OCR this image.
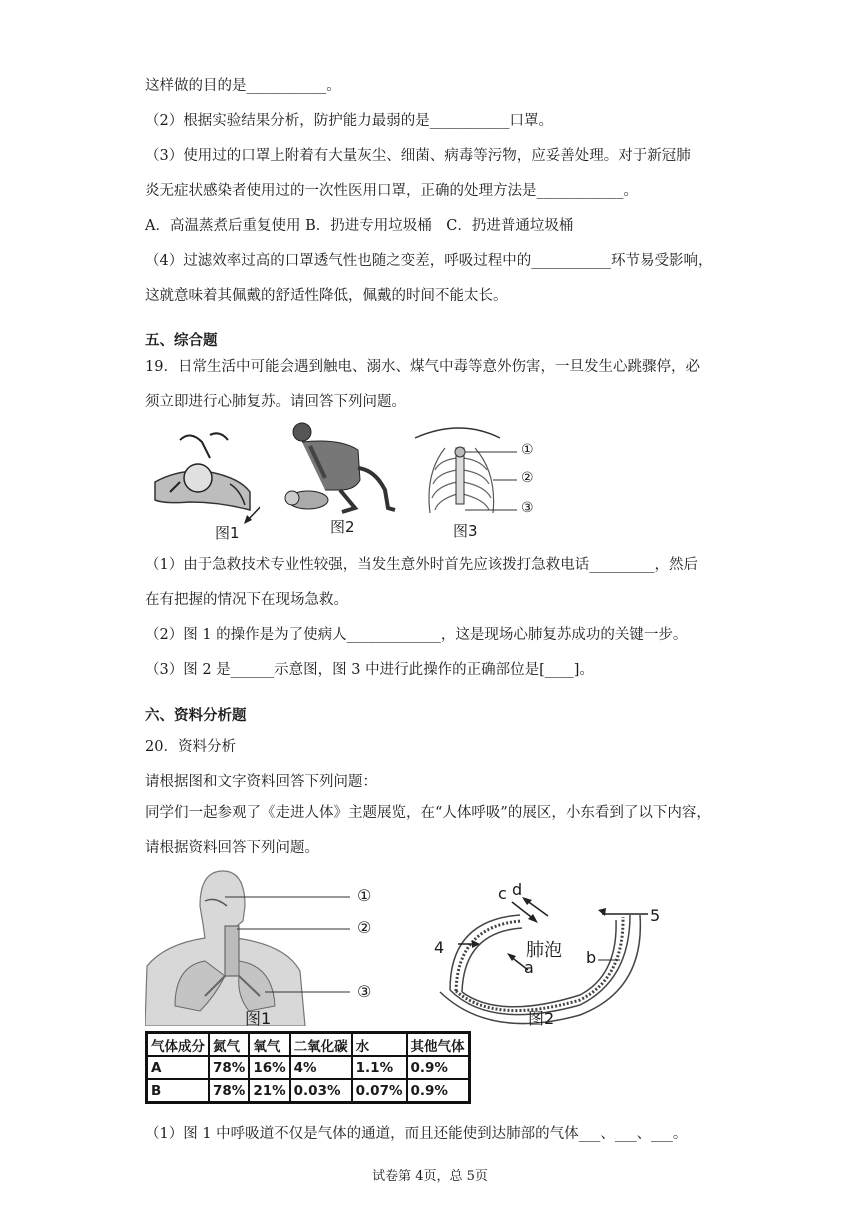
这样做的目的是___________。
（2）根据实验结果分析，防护能力最弱的是___________口罩。
（3）使用过的口罩上附着有大量灰尘、细菌、病毒等污物，应妥善处理。对于新冠肺
炎无症状感染者使用过的一次性医用口罩，正确的处理方法是____________。
A．高温蒸煮后重复使用 B．扔进专用垃圾桶　C．扔进普通垃圾桶
（4）过滤效率过高的口罩透气性也随之变差，呼吸过程中的___________环节易受影响，
这就意味着其佩戴的舒适性降低，佩戴的时间不能太长。
五、综合题
19．日常生活中可能会遇到触电、溺水、煤气中毒等意外伤害，一旦发生心跳骤停，必
须立即进行心肺复苏。请回答下列问题。
图1	图2
①
②
③
图3
（1）由于急救技术专业性较强，当发生意外时首先应该拨打急救电话_________，然后
在有把握的情况下在现场急救。
（2）图 1 的操作是为了使病人_____________，这是现场心肺复苏成功的关键一步。
（3）图 2 是______示意图，图 3 中进行此操作的正确部位是[____]。
六、资料分析题
20．资料分析
请根据图和文字资料回答下列问题：
同学们一起参观了《走进人体》主题展览，在“人体呼吸”的展区，小东看到了以下内容，
请根据资料回答下列问题。
①
②
③
图1
肺泡
c d
a
b
4
5
图2
气体成分	氮气	氧气	二氧化碳	水	其他气体
A	78%	16%	4%	1.1%	0.9%
B	78%	21%	0.03%	0.07%	0.9%
（1）图 1 中呼吸道不仅是气体的通道，而且还能使到达肺部的气体___、___、___。
试卷第 4页，总 5页
